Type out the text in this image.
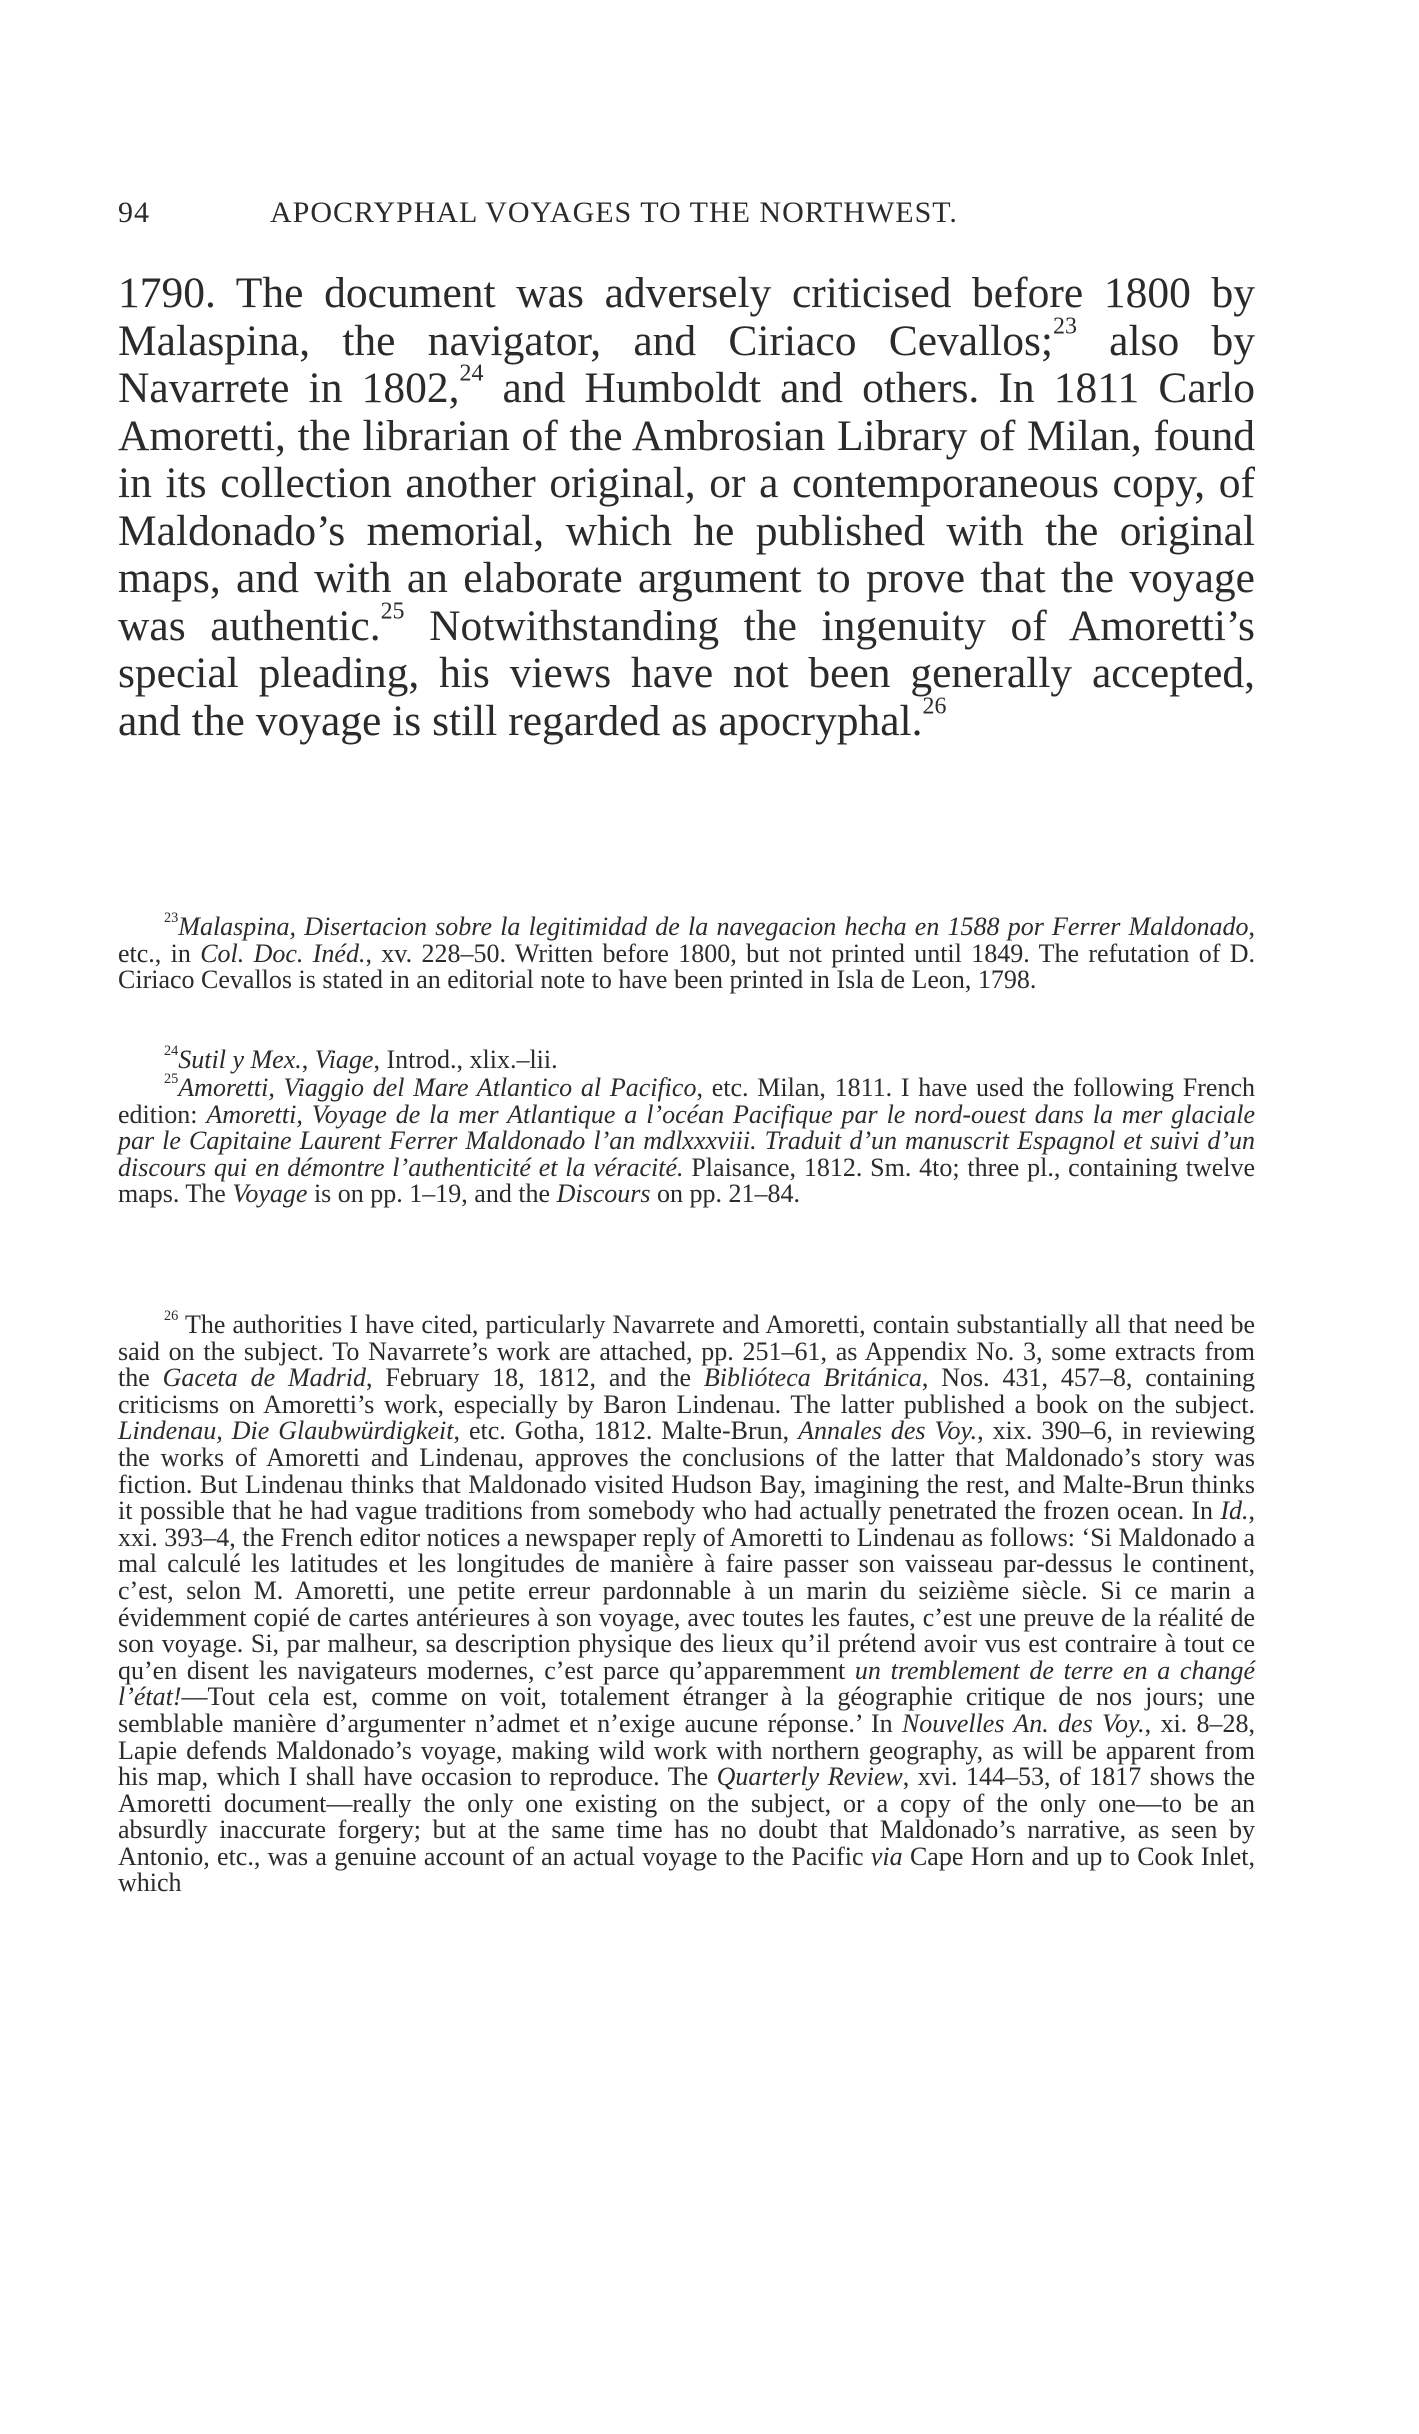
94	APOCRYPHAL VOYAGES TO THE NORTHWEST.

1790. The document was adversely criticised before 1800 by Malaspina, the navigator, and Ciriaco Cevallos;$^{23}$ also by Navarrete in 1802,24 and Humboldt and others. In 1811 Carlo Amoretti, the librarian of the Ambrosian Library of Milan, found in its collection another original, or a contemporaneous copy, of Maldonado’s memorial, which he published with the original maps, and with an elaborate argument to prove that the voyage was authentic.$^{25}$ Notwithstanding the ingenuity of Amoretti’s special pleading, his views have not been generally accepted, and the voyage is still regarded as apocryphal.$^{26}$

$^{23}$Malaspina, Disertacion sobre la legitimidad de la navegacion hecha en 1588 por Ferrer Maldonado, etc., in Col. Doc. Inéd., xv. 228–50. Written before 1800, but not printed until 1849. The refutation of D. Ciriaco Cevallos is stated in an editorial note to have been printed in Isla de Leon, 1798.

$^{24}$Sutil y Mex., Viage, Introd., xlix.–lii.

$^{25}$Amoretti, Viaggio del Mare Atlantico al Pacifico, etc. Milan, 1811. I have used the following French edition: Amoretti, Voyage de la mer Atlantique a l’océan Pacifique par le nord-ouest dans la mer glaciale par le Capitaine Laurent Ferrer Maldonado l’an mdlxxxviii. Traduit d’un manuscrit Espagnol et suivi d’un discours qui en démontre l’authenticité et la véracité. Plaisance, 1812. Sm. 4to; three pl., containing twelve maps. The Voyage is on pp. 1–19, and the Discours on pp. 21–84.

$^{26}$ The authorities I have cited, particularly Navarrete and Amoretti, contain substantially all that need be said on the subject. To Navarrete’s work are attached, pp. 251–61, as Appendix No. 3, some extracts from the Gaceta de Madrid, February 18, 1812, and the Biblióteca Británica, Nos. 431, 457–8, containing criticisms on Amoretti’s work, especially by Baron Lindenau. The latter published a book on the subject. Lindenau, Die Glaubwürdigkeit, etc. Gotha, 1812. Malte-Brun, Annales des Voy., xix. 390–6, in reviewing the works of Amoretti and Lindenau, approves the conclusions of the latter that Maldonado’s story was fiction. But Lindenau thinks that Maldonado visited Hudson Bay, imagining the rest, and Malte-Brun thinks it possible that he had vague traditions from somebody who had actually penetrated the frozen ocean. In Id., xxi. 393–4, the French editor notices a newspaper reply of Amoretti to Lindenau as follows: ‘Si Maldonado a mal calculé les latitudes et les longitudes de manière à faire passer son vaisseau par-dessus le continent, c’est, selon M. Amoretti, une petite erreur pardonnable à un marin du seizième siècle. Si ce marin a évidemment copié de cartes antérieures à son voyage, avec toutes les fautes, c’est une preuve de la réalité de son voyage. Si, par malheur, sa description physique des lieux qu’il prétend avoir vus est contraire à tout ce qu’en disent les navigateurs modernes, c’est parce qu’apparemment un tremblement de terre en a changé l’état!—Tout cela est, comme on voit, totalement étranger à la géographie critique de nos jours; une semblable manière d’argumenter n’admet et n’exige aucune réponse.’ In Nouvelles An. des Voy., xi. 8–28, Lapie defends Maldonado’s voyage, making wild work with northern geography, as will be apparent from his map, which I shall have occasion to reproduce. The Quarterly Review, xvi. 144–53, of 1817 shows the Amoretti document—really the only one existing on the subject, or a copy of the only one—to be an absurdly inaccurate forgery; but at the same time has no doubt that Maldonado’s narrative, as seen by Antonio, etc., was a genuine account of an actual voyage to the Pacific via Cape Horn and up to Cook Inlet, which
